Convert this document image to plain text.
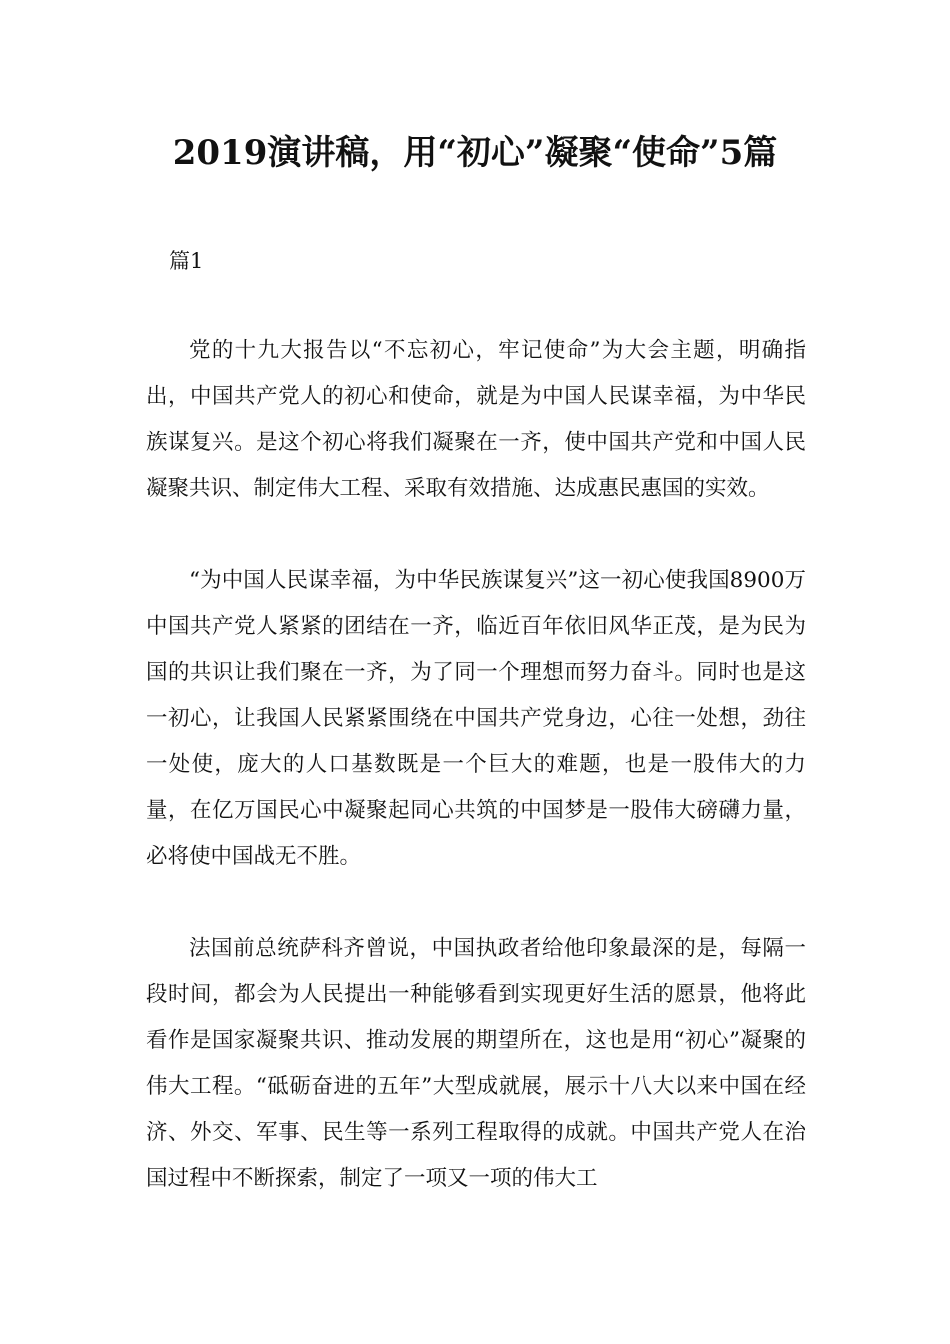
2019演讲稿，用“初心”凝聚“使命”5篇

篇1

党的十九大报告以“不忘初心，牢记使命”为大会主题，明确指出，中国共产党人的初心和使命，就是为中国人民谋幸福，为中华民族谋复兴。是这个初心将我们凝聚在一齐，使中国共产党和中国人民凝聚共识、制定伟大工程、采取有效措施、达成惠民惠国的实效。

“为中国人民谋幸福，为中华民族谋复兴”这一初心使我国8900万中国共产党人紧紧的团结在一齐，临近百年依旧风华正茂，是为民为国的共识让我们聚在一齐，为了同一个理想而努力奋斗。同时也是这一初心，让我国人民紧紧围绕在中国共产党身边，心往一处想，劲往一处使，庞大的人口基数既是一个巨大的难题，也是一股伟大的力量，在亿万国民心中凝聚起同心共筑的中国梦是一股伟大磅礴力量，必将使中国战无不胜。

法国前总统萨科齐曾说，中国执政者给他印象最深的是，每隔一段时间，都会为人民提出一种能够看到实现更好生活的愿景，他将此看作是国家凝聚共识、推动发展的期望所在，这也是用“初心”凝聚的伟大工程。“砥砺奋进的五年”大型成就展，展示十八大以来中国在经济、外交、军事、民生等一系列工程取得的成就。中国共产党人在治国过程中不断探索，制定了一项又一项的伟大工
